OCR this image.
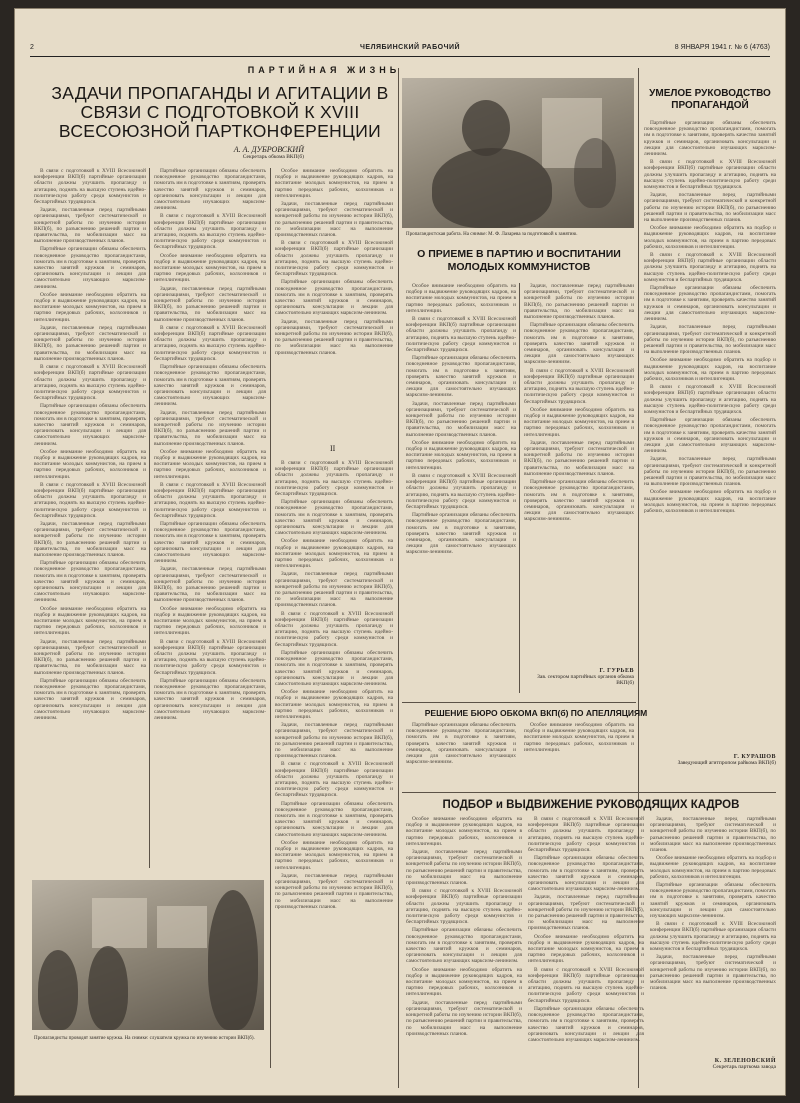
2	ЧЕЛЯБИНСКИЙ РАБОЧИЙ	8 ЯНВАРЯ 1941 г. № 6 (4763)
ПАРТИЙНАЯ ЖИЗНЬ
ЗАДАЧИ ПРОПАГАНДЫ И АГИТАЦИИ В СВЯЗИ С ПОДГОТОВКОЙ К XVIII ВСЕСОЮЗНОЙ ПАРТКОНФЕРЕНЦИИ
А. А. ДУБРОВСКИЙ
Секретарь обкома ВКП(б)

В связи с подготовкой к XVIII Всесоюзной конференции ВКП(б) партийные организации области должны улучшить пропаганду и агитацию, поднять на высшую ступень идейно-политическую работу среди коммунистов и беспартийных трудящихся.

Задачи, поставленные перед партийными организациями, требуют систематической и конкретной работы по изучению истории ВКП(б), по разъяснению решений партии и правительства, по мобилизации масс на выполнение производственных планов.

Партийные организации обязаны обеспечить повседневное руководство пропагандистами, помогать им в подготовке к занятиям, проверять качество занятий кружков и семинаров, организовать консультации и лекции для самостоятельно изучающих марксизм-ленинизм.

Особое внимание необходимо обратить на подбор и выдвижение руководящих кадров, на воспитание молодых коммунистов, на прием в партию передовых рабочих, колхозников и интеллигенции.

Задачи, поставленные перед партийными организациями, требуют систематической и конкретной работы по изучению истории ВКП(б), по разъяснению решений партии и правительства, по мобилизации масс на выполнение производственных планов.

В связи с подготовкой к XVIII Всесоюзной конференции ВКП(б) партийные организации области должны улучшить пропаганду и агитацию, поднять на высшую ступень идейно-политическую работу среди коммунистов и беспартийных трудящихся.

Партийные организации обязаны обеспечить повседневное руководство пропагандистами, помогать им в подготовке к занятиям, проверять качество занятий кружков и семинаров, организовать консультации и лекции для самостоятельно изучающих марксизм-ленинизм.

Особое внимание необходимо обратить на подбор и выдвижение руководящих кадров, на воспитание молодых коммунистов, на прием в партию передовых рабочих, колхозников и интеллигенции.

В связи с подготовкой к XVIII Всесоюзной конференции ВКП(б) партийные организации области должны улучшить пропаганду и агитацию, поднять на высшую ступень идейно-политическую работу среди коммунистов и беспартийных трудящихся.

Задачи, поставленные перед партийными организациями, требуют систематической и конкретной работы по изучению истории ВКП(б), по разъяснению решений партии и правительства, по мобилизации масс на выполнение производственных планов.

Партийные организации обязаны обеспечить повседневное руководство пропагандистами, помогать им в подготовке к занятиям, проверять качество занятий кружков и семинаров, организовать консультации и лекции для самостоятельно изучающих марксизм-ленинизм.

Особое внимание необходимо обратить на подбор и выдвижение руководящих кадров, на воспитание молодых коммунистов, на прием в партию передовых рабочих, колхозников и интеллигенции.

Задачи, поставленные перед партийными организациями, требуют систематической и конкретной работы по изучению истории ВКП(б), по разъяснению решений партии и правительства, по мобилизации масс на выполнение производственных планов.

Партийные организации обязаны обеспечить повседневное руководство пропагандистами, помогать им в подготовке к занятиям, проверять качество занятий кружков и семинаров, организовать консультации и лекции для самостоятельно изучающих марксизм-ленинизм.

Партийные организации обязаны обеспечить повседневное руководство пропагандистами, помогать им в подготовке к занятиям, проверять качество занятий кружков и семинаров, организовать консультации и лекции для самостоятельно изучающих марксизм-ленинизм.

В связи с подготовкой к XVIII Всесоюзной конференции ВКП(б) партийные организации области должны улучшить пропаганду и агитацию, поднять на высшую ступень идейно-политическую работу среди коммунистов и беспартийных трудящихся.

Особое внимание необходимо обратить на подбор и выдвижение руководящих кадров, на воспитание молодых коммунистов, на прием в партию передовых рабочих, колхозников и интеллигенции.

Задачи, поставленные перед партийными организациями, требуют систематической и конкретной работы по изучению истории ВКП(б), по разъяснению решений партии и правительства, по мобилизации масс на выполнение производственных планов.

В связи с подготовкой к XVIII Всесоюзной конференции ВКП(б) партийные организации области должны улучшить пропаганду и агитацию, поднять на высшую ступень идейно-политическую работу среди коммунистов и беспартийных трудящихся.

Партийные организации обязаны обеспечить повседневное руководство пропагандистами, помогать им в подготовке к занятиям, проверять качество занятий кружков и семинаров, организовать консультации и лекции для самостоятельно изучающих марксизм-ленинизм.

Задачи, поставленные перед партийными организациями, требуют систематической и конкретной работы по изучению истории ВКП(б), по разъяснению решений партии и правительства, по мобилизации масс на выполнение производственных планов.

Особое внимание необходимо обратить на подбор и выдвижение руководящих кадров, на воспитание молодых коммунистов, на прием в партию передовых рабочих, колхозников и интеллигенции.

В связи с подготовкой к XVIII Всесоюзной конференции ВКП(б) партийные организации области должны улучшить пропаганду и агитацию, поднять на высшую ступень идейно-политическую работу среди коммунистов и беспартийных трудящихся.

Партийные организации обязаны обеспечить повседневное руководство пропагандистами, помогать им в подготовке к занятиям, проверять качество занятий кружков и семинаров, организовать консультации и лекции для самостоятельно изучающих марксизм-ленинизм.

Задачи, поставленные перед партийными организациями, требуют систематической и конкретной работы по изучению истории ВКП(б), по разъяснению решений партии и правительства, по мобилизации масс на выполнение производственных планов.

Особое внимание необходимо обратить на подбор и выдвижение руководящих кадров, на воспитание молодых коммунистов, на прием в партию передовых рабочих, колхозников и интеллигенции.

В связи с подготовкой к XVIII Всесоюзной конференции ВКП(б) партийные организации области должны улучшить пропаганду и агитацию, поднять на высшую ступень идейно-политическую работу среди коммунистов и беспартийных трудящихся.

Партийные организации обязаны обеспечить повседневное руководство пропагандистами, помогать им в подготовке к занятиям, проверять качество занятий кружков и семинаров, организовать консультации и лекции для самостоятельно изучающих марксизм-ленинизм.

Особое внимание необходимо обратить на подбор и выдвижение руководящих кадров, на воспитание молодых коммунистов, на прием в партию передовых рабочих, колхозников и интеллигенции.

Задачи, поставленные перед партийными организациями, требуют систематической и конкретной работы по изучению истории ВКП(б), по разъяснению решений партии и правительства, по мобилизации масс на выполнение производственных планов.

В связи с подготовкой к XVIII Всесоюзной конференции ВКП(б) партийные организации области должны улучшить пропаганду и агитацию, поднять на высшую ступень идейно-политическую работу среди коммунистов и беспартийных трудящихся.

Партийные организации обязаны обеспечить повседневное руководство пропагандистами, помогать им в подготовке к занятиям, проверять качество занятий кружков и семинаров, организовать консультации и лекции для самостоятельно изучающих марксизм-ленинизм.

Задачи, поставленные перед партийными организациями, требуют систематической и конкретной работы по изучению истории ВКП(б), по разъяснению решений партии и правительства, по мобилизации масс на выполнение производственных планов.

II

В связи с подготовкой к XVIII Всесоюзной конференции ВКП(б) партийные организации области должны улучшить пропаганду и агитацию, поднять на высшую ступень идейно-политическую работу среди коммунистов и беспартийных трудящихся.

Партийные организации обязаны обеспечить повседневное руководство пропагандистами, помогать им в подготовке к занятиям, проверять качество занятий кружков и семинаров, организовать консультации и лекции для самостоятельно изучающих марксизм-ленинизм.

Особое внимание необходимо обратить на подбор и выдвижение руководящих кадров, на воспитание молодых коммунистов, на прием в партию передовых рабочих, колхозников и интеллигенции.

Задачи, поставленные перед партийными организациями, требуют систематической и конкретной работы по изучению истории ВКП(б), по разъяснению решений партии и правительства, по мобилизации масс на выполнение производственных планов.

В связи с подготовкой к XVIII Всесоюзной конференции ВКП(б) партийные организации области должны улучшить пропаганду и агитацию, поднять на высшую ступень идейно-политическую работу среди коммунистов и беспартийных трудящихся.

Партийные организации обязаны обеспечить повседневное руководство пропагандистами, помогать им в подготовке к занятиям, проверять качество занятий кружков и семинаров, организовать консультации и лекции для самостоятельно изучающих марксизм-ленинизм.

Особое внимание необходимо обратить на подбор и выдвижение руководящих кадров, на воспитание молодых коммунистов, на прием в партию передовых рабочих, колхозников и интеллигенции.

Задачи, поставленные перед партийными организациями, требуют систематической и конкретной работы по изучению истории ВКП(б), по разъяснению решений партии и правительства, по мобилизации масс на выполнение производственных планов.

В связи с подготовкой к XVIII Всесоюзной конференции ВКП(б) партийные организации области должны улучшить пропаганду и агитацию, поднять на высшую ступень идейно-политическую работу среди коммунистов и беспартийных трудящихся.

Партийные организации обязаны обеспечить повседневное руководство пропагандистами, помогать им в подготовке к занятиям, проверять качество занятий кружков и семинаров, организовать консультации и лекции для самостоятельно изучающих марксизм-ленинизм.

Особое внимание необходимо обратить на подбор и выдвижение руководящих кадров, на воспитание молодых коммунистов, на прием в партию передовых рабочих, колхозников и интеллигенции.

Задачи, поставленные перед партийными организациями, требуют систематической и конкретной работы по изучению истории ВКП(б), по разъяснению решений партии и правительства, по мобилизации масс на выполнение производственных планов.

Пропагандисты проводят занятие кружка. На снимке: слушатели кружка по изучению истории ВКП(б).
Пропагандистская работа. На снимке: М. Ф. Лазарева за подготовкой к занятию.
УМЕЛОЕ РУКОВОДСТВО ПРОПАГАНДОЙ

Партийные организации обязаны обеспечить повседневное руководство пропагандистами, помогать им в подготовке к занятиям, проверять качество занятий кружков и семинаров, организовать консультации и лекции для самостоятельно изучающих марксизм-ленинизм.

В связи с подготовкой к XVIII Всесоюзной конференции ВКП(б) партийные организации области должны улучшить пропаганду и агитацию, поднять на высшую ступень идейно-политическую работу среди коммунистов и беспартийных трудящихся.

Задачи, поставленные перед партийными организациями, требуют систематической и конкретной работы по изучению истории ВКП(б), по разъяснению решений партии и правительства, по мобилизации масс на выполнение производственных планов.

Особое внимание необходимо обратить на подбор и выдвижение руководящих кадров, на воспитание молодых коммунистов, на прием в партию передовых рабочих, колхозников и интеллигенции.

В связи с подготовкой к XVIII Всесоюзной конференции ВКП(б) партийные организации области должны улучшить пропаганду и агитацию, поднять на высшую ступень идейно-политическую работу среди коммунистов и беспартийных трудящихся.

Партийные организации обязаны обеспечить повседневное руководство пропагандистами, помогать им в подготовке к занятиям, проверять качество занятий кружков и семинаров, организовать консультации и лекции для самостоятельно изучающих марксизм-ленинизм.

Задачи, поставленные перед партийными организациями, требуют систематической и конкретной работы по изучению истории ВКП(б), по разъяснению решений партии и правительства, по мобилизации масс на выполнение производственных планов.

Особое внимание необходимо обратить на подбор и выдвижение руководящих кадров, на воспитание молодых коммунистов, на прием в партию передовых рабочих, колхозников и интеллигенции.

В связи с подготовкой к XVIII Всесоюзной конференции ВКП(б) партийные организации области должны улучшить пропаганду и агитацию, поднять на высшую ступень идейно-политическую работу среди коммунистов и беспартийных трудящихся.

Партийные организации обязаны обеспечить повседневное руководство пропагандистами, помогать им в подготовке к занятиям, проверять качество занятий кружков и семинаров, организовать консультации и лекции для самостоятельно изучающих марксизм-ленинизм.

Задачи, поставленные перед партийными организациями, требуют систематической и конкретной работы по изучению истории ВКП(б), по разъяснению решений партии и правительства, по мобилизации масс на выполнение производственных планов.

Особое внимание необходимо обратить на подбор и выдвижение руководящих кадров, на воспитание молодых коммунистов, на прием в партию передовых рабочих, колхозников и интеллигенции.

Г. КУРАШОВ
Заведующий агитпропом райкома ВКП(б)
О ПРИЕМЕ В ПАРТИЮ И ВОСПИТАНИИ МОЛОДЫХ КОММУНИСТОВ

Особое внимание необходимо обратить на подбор и выдвижение руководящих кадров, на воспитание молодых коммунистов, на прием в партию передовых рабочих, колхозников и интеллигенции.

В связи с подготовкой к XVIII Всесоюзной конференции ВКП(б) партийные организации области должны улучшить пропаганду и агитацию, поднять на высшую ступень идейно-политическую работу среди коммунистов и беспартийных трудящихся.

Партийные организации обязаны обеспечить повседневное руководство пропагандистами, помогать им в подготовке к занятиям, проверять качество занятий кружков и семинаров, организовать консультации и лекции для самостоятельно изучающих марксизм-ленинизм.

Задачи, поставленные перед партийными организациями, требуют систематической и конкретной работы по изучению истории ВКП(б), по разъяснению решений партии и правительства, по мобилизации масс на выполнение производственных планов.

Особое внимание необходимо обратить на подбор и выдвижение руководящих кадров, на воспитание молодых коммунистов, на прием в партию передовых рабочих, колхозников и интеллигенции.

В связи с подготовкой к XVIII Всесоюзной конференции ВКП(б) партийные организации области должны улучшить пропаганду и агитацию, поднять на высшую ступень идейно-политическую работу среди коммунистов и беспартийных трудящихся.

Партийные организации обязаны обеспечить повседневное руководство пропагандистами, помогать им в подготовке к занятиям, проверять качество занятий кружков и семинаров, организовать консультации и лекции для самостоятельно изучающих марксизм-ленинизм.

Задачи, поставленные перед партийными организациями, требуют систематической и конкретной работы по изучению истории ВКП(б), по разъяснению решений партии и правительства, по мобилизации масс на выполнение производственных планов.

Партийные организации обязаны обеспечить повседневное руководство пропагандистами, помогать им в подготовке к занятиям, проверять качество занятий кружков и семинаров, организовать консультации и лекции для самостоятельно изучающих марксизм-ленинизм.

В связи с подготовкой к XVIII Всесоюзной конференции ВКП(б) партийные организации области должны улучшить пропаганду и агитацию, поднять на высшую ступень идейно-политическую работу среди коммунистов и беспартийных трудящихся.

Особое внимание необходимо обратить на подбор и выдвижение руководящих кадров, на воспитание молодых коммунистов, на прием в партию передовых рабочих, колхозников и интеллигенции.

Задачи, поставленные перед партийными организациями, требуют систематической и конкретной работы по изучению истории ВКП(б), по разъяснению решений партии и правительства, по мобилизации масс на выполнение производственных планов.

Партийные организации обязаны обеспечить повседневное руководство пропагандистами, помогать им в подготовке к занятиям, проверять качество занятий кружков и семинаров, организовать консультации и лекции для самостоятельно изучающих марксизм-ленинизм.

Г. ГУРЬЕВ
Зав. сектором партийных органов обкома ВКП(б)
РЕШЕНИЕ БЮРО ОБКОМА ВКП(б) ПО АПЕЛЛЯЦИЯМ

Партийные организации обязаны обеспечить повседневное руководство пропагандистами, помогать им в подготовке к занятиям, проверять качество занятий кружков и семинаров, организовать консультации и лекции для самостоятельно изучающих марксизм-ленинизм.

Особое внимание необходимо обратить на подбор и выдвижение руководящих кадров, на воспитание молодых коммунистов, на прием в партию передовых рабочих, колхозников и интеллигенции.

ПОДБОР и ВЫДВИЖЕНИЕ РУКОВОДЯЩИХ КАДРОВ

Особое внимание необходимо обратить на подбор и выдвижение руководящих кадров, на воспитание молодых коммунистов, на прием в партию передовых рабочих, колхозников и интеллигенции.

Задачи, поставленные перед партийными организациями, требуют систематической и конкретной работы по изучению истории ВКП(б), по разъяснению решений партии и правительства, по мобилизации масс на выполнение производственных планов.

В связи с подготовкой к XVIII Всесоюзной конференции ВКП(б) партийные организации области должны улучшить пропаганду и агитацию, поднять на высшую ступень идейно-политическую работу среди коммунистов и беспартийных трудящихся.

Партийные организации обязаны обеспечить повседневное руководство пропагандистами, помогать им в подготовке к занятиям, проверять качество занятий кружков и семинаров, организовать консультации и лекции для самостоятельно изучающих марксизм-ленинизм.

Особое внимание необходимо обратить на подбор и выдвижение руководящих кадров, на воспитание молодых коммунистов, на прием в партию передовых рабочих, колхозников и интеллигенции.

Задачи, поставленные перед партийными организациями, требуют систематической и конкретной работы по изучению истории ВКП(б), по разъяснению решений партии и правительства, по мобилизации масс на выполнение производственных планов.

В связи с подготовкой к XVIII Всесоюзной конференции ВКП(б) партийные организации области должны улучшить пропаганду и агитацию, поднять на высшую ступень идейно-политическую работу среди коммунистов и беспартийных трудящихся.

Партийные организации обязаны обеспечить повседневное руководство пропагандистами, помогать им в подготовке к занятиям, проверять качество занятий кружков и семинаров, организовать консультации и лекции для самостоятельно изучающих марксизм-ленинизм.

Задачи, поставленные перед партийными организациями, требуют систематической и конкретной работы по изучению истории ВКП(б), по разъяснению решений партии и правительства, по мобилизации масс на выполнение производственных планов.

Особое внимание необходимо обратить на подбор и выдвижение руководящих кадров, на воспитание молодых коммунистов, на прием в партию передовых рабочих, колхозников и интеллигенции.

В связи с подготовкой к XVIII Всесоюзной конференции ВКП(б) партийные организации области должны улучшить пропаганду и агитацию, поднять на высшую ступень идейно-политическую работу среди коммунистов и беспартийных трудящихся.

Партийные организации обязаны обеспечить повседневное руководство пропагандистами, помогать им в подготовке к занятиям, проверять качество занятий кружков и семинаров, организовать консультации и лекции для самостоятельно изучающих марксизм-ленинизм.

Задачи, поставленные перед партийными организациями, требуют систематической и конкретной работы по изучению истории ВКП(б), по разъяснению решений партии и правительства, по мобилизации масс на выполнение производственных планов.

Особое внимание необходимо обратить на подбор и выдвижение руководящих кадров, на воспитание молодых коммунистов, на прием в партию передовых рабочих, колхозников и интеллигенции.

Партийные организации обязаны обеспечить повседневное руководство пропагандистами, помогать им в подготовке к занятиям, проверять качество занятий кружков и семинаров, организовать консультации и лекции для самостоятельно изучающих марксизм-ленинизм.

В связи с подготовкой к XVIII Всесоюзной конференции ВКП(б) партийные организации области должны улучшить пропаганду и агитацию, поднять на высшую ступень идейно-политическую работу среди коммунистов и беспартийных трудящихся.

Задачи, поставленные перед партийными организациями, требуют систематической и конкретной работы по изучению истории ВКП(б), по разъяснению решений партии и правительства, по мобилизации масс на выполнение производственных планов.

К. ЗЕЛЕНОВСКИЙ
Секретарь парткома завода
